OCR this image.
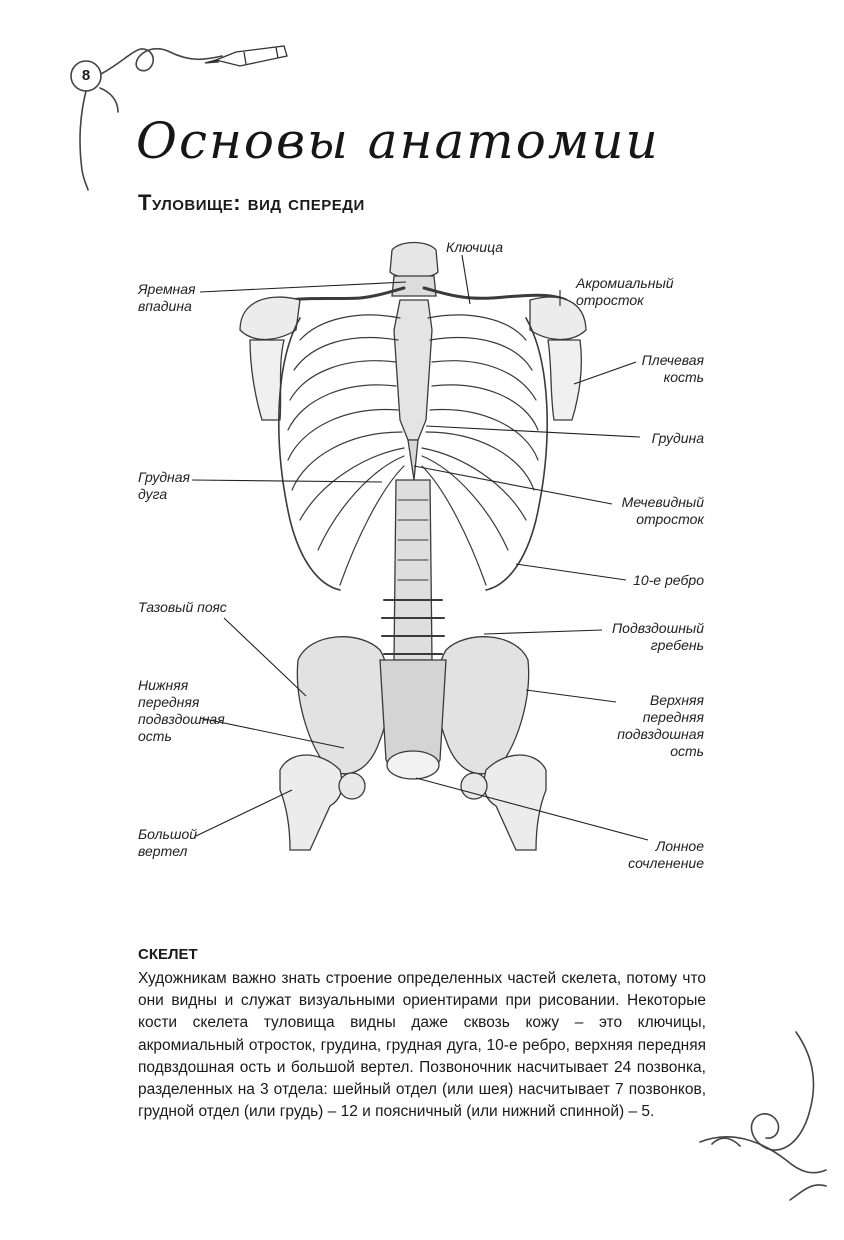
8
Основы анатомии
Туловище: вид спереди
Ключица
Яремная
впадина
Акромиальный
отросток
Плечевая
кость
Грудина
Грудная
дуга	Мечевидный
отросток
10-е ребро
Тазовый пояс
Подвздошный
гребень
Нижняя
передняя
подвздошная
ость
Верхняя
передняя
подвздошная
ость
Большой
вертел	Лонное
сочленение
СКЕЛЕТ

Художникам важно знать строение определенных частей скелета, потому что они видны и служат визуальными ориентирами при рисовании. Некоторые кости скелета туловища видны даже сквозь кожу – это ключицы, акромиальный отросток, грудина, грудная дуга, 10-е ребро, верхняя передняя подвздошная ость и большой вертел. Позвоночник насчитывает 24 позвонка, разделенных на 3 отдела: шейный отдел (или шея) насчитывает 7 позвонков, грудной отдел (или грудь) – 12 и поясничный (или нижний спинной) – 5.
